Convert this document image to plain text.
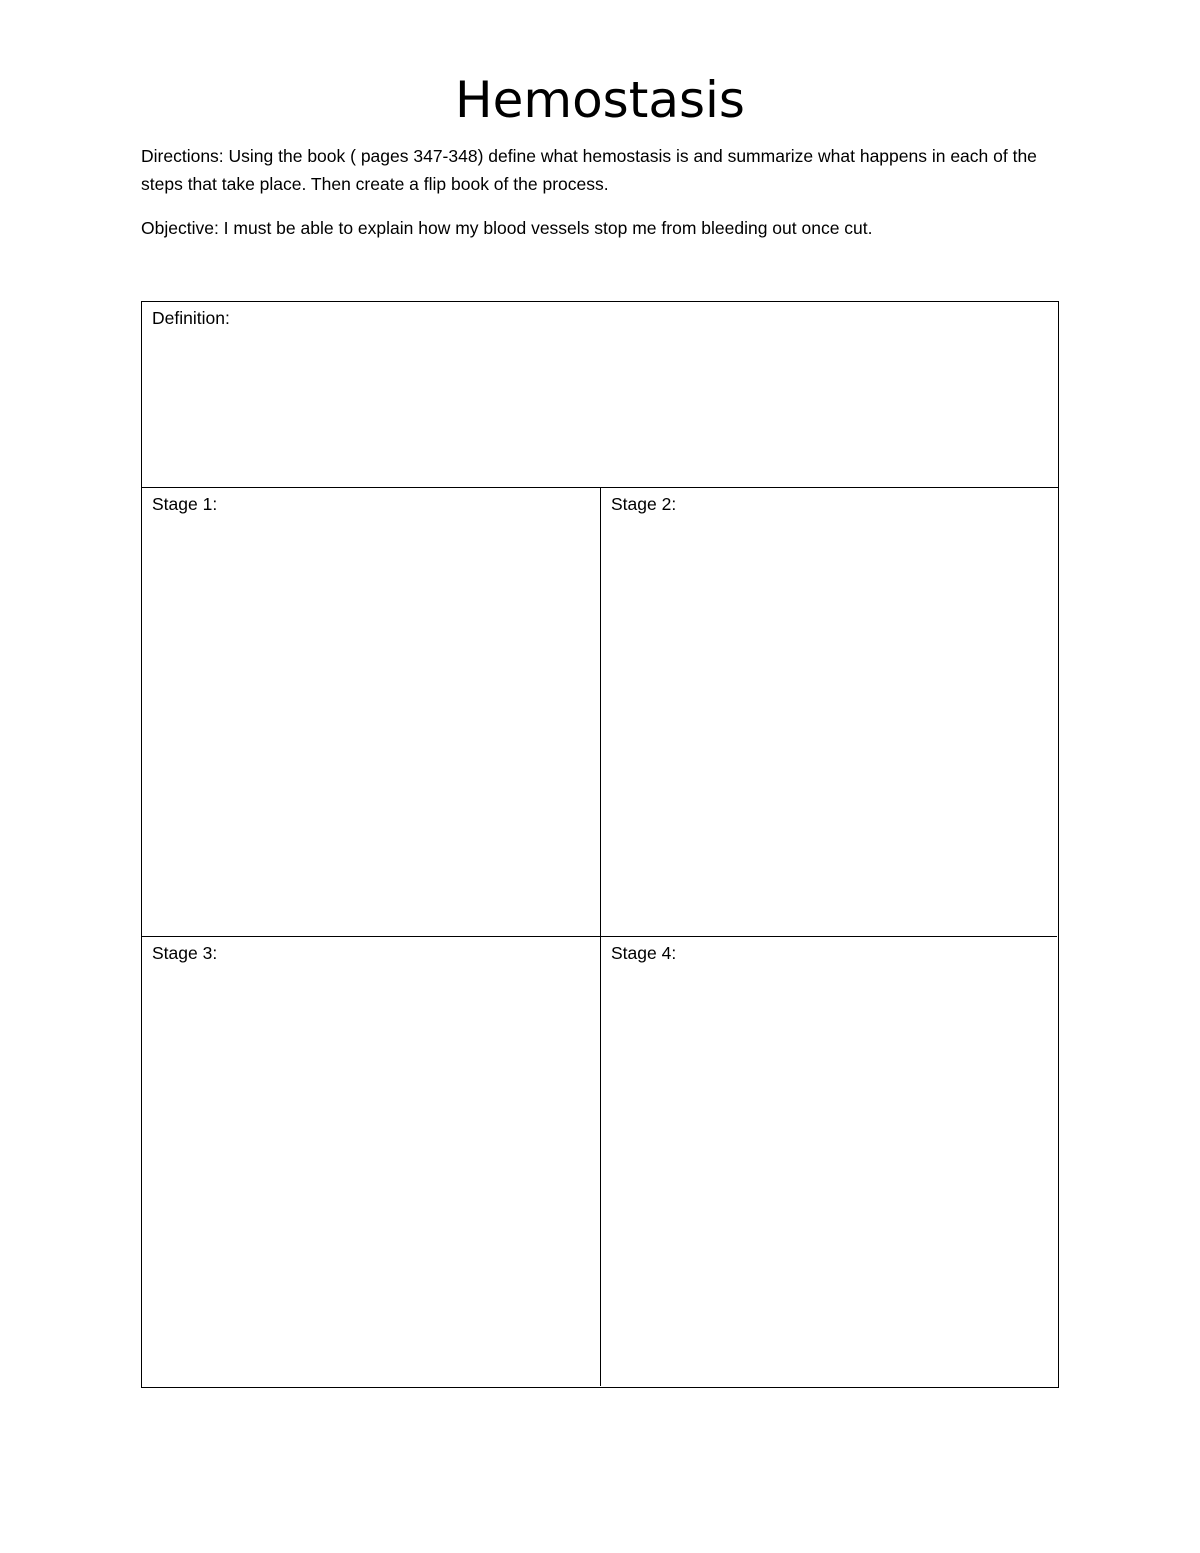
Hemostasis

Directions: Using the book ( pages 347-348) define what hemostasis is and summarize what happens in each of the steps that take place. Then create a flip book of the process.

Objective: I must be able to explain how my blood vessels stop me from bleeding out once cut.

Definition:
Stage 1:	Stage 2:
Stage 3:	Stage 4:
